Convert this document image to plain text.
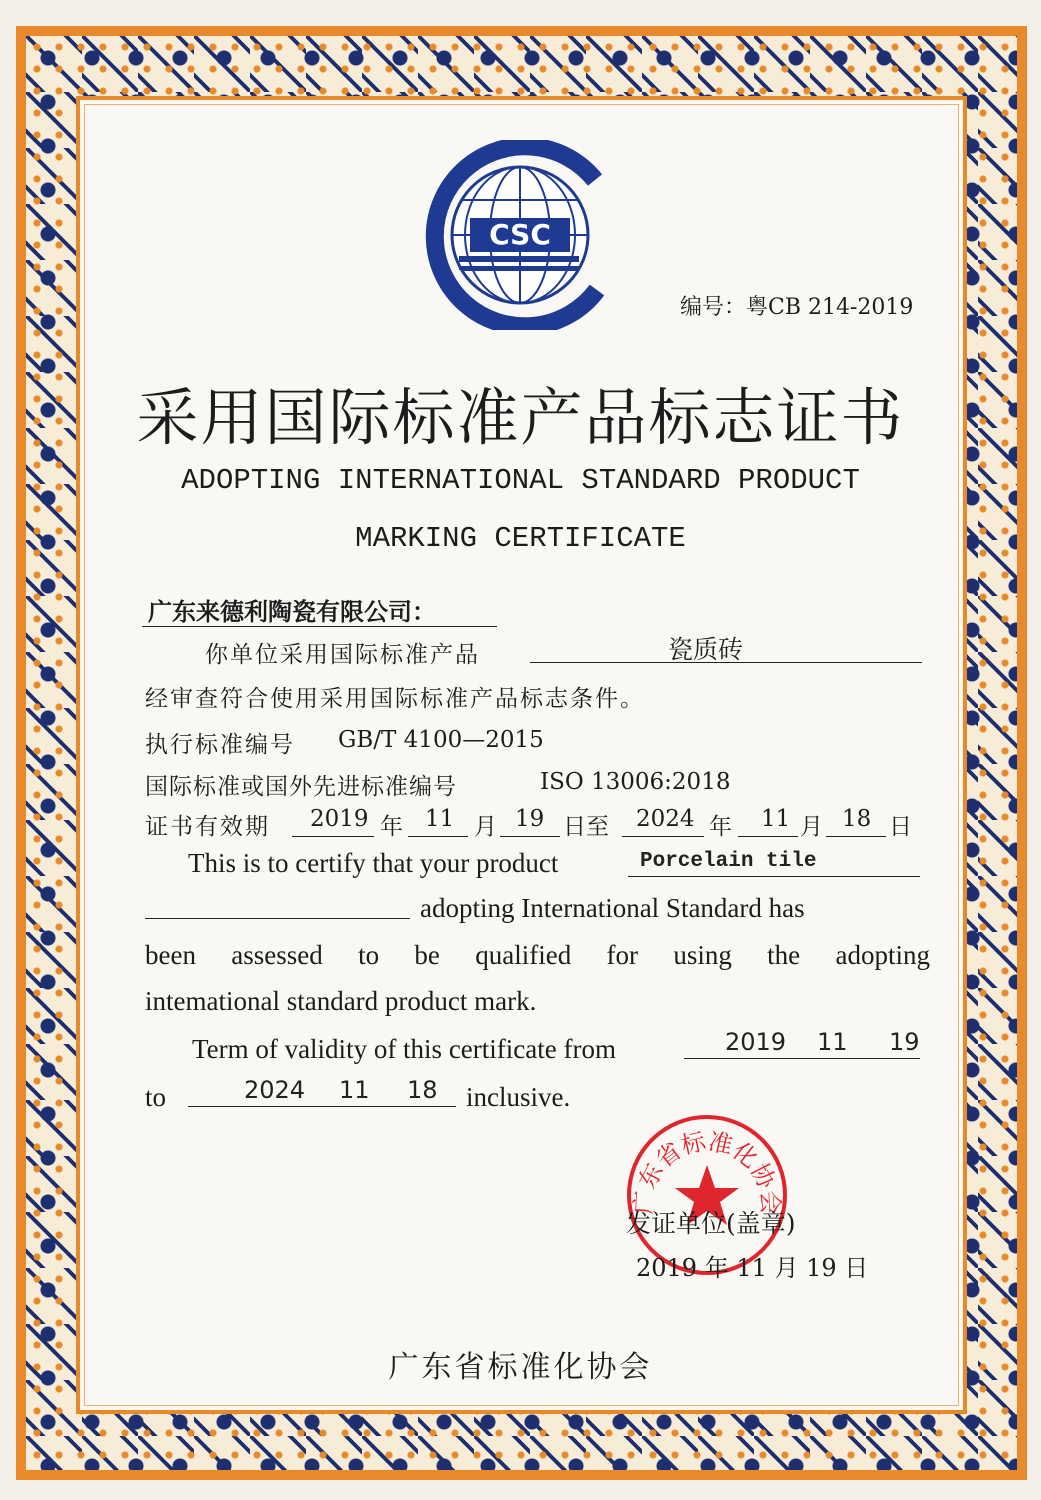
CSC
编号：粤CB 214-2019
采用国际标准产品标志证书
ADOPTING INTERNATIONAL STANDARD PRODUCT
MARKING CERTIFICATE
广东来德利陶瓷有限公司：
你单位采用国际标准产品	瓷质砖
经审查符合使用采用国际标准产品标志条件。
执行标准编号 GB/T 4100—2015
国际标准或国外先进标准编号	ISO 13006:2018
证书有效期 2019 年 11 月 19 日至 2024 年 11 月 18 日
This is to certify that your product	Porcelain tile
adopting International Standard has
been assessed to be qualified for using the adopting
intemational standard product mark.
Term of validity of this certificate from	2019 11 19
to	2024 11 18 inclusive.
广东省标准化协会
发证单位(盖章)
2019 年 11 月 19 日
广东省标准化协会
